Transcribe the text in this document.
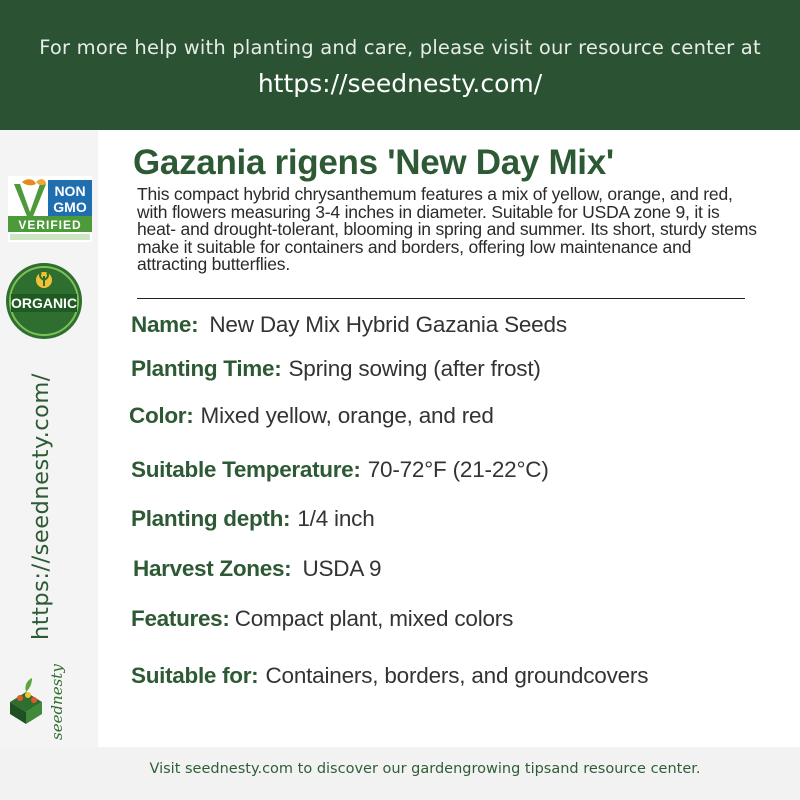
For more help with planting and care, please visit our resource center at
https://seednesty.com/
NON
GMO
VERIFIED
ORGANIC
https://seednesty.com/
seednesty
Gazania rigens 'New Day Mix'
This compact hybrid chrysanthemum features a mix of yellow, orange, and red, with flowers measuring 3-4 inches in diameter. Suitable for USDA zone 9, it is heat- and drought-tolerant, blooming in spring and summer. Its short, sturdy stems make it suitable for containers and borders, offering low maintenance and attracting butterflies.
Name: New Day Mix Hybrid Gazania Seeds
Planting Time: Spring sowing (after frost)
Color: Mixed yellow, orange, and red
Suitable Temperature: 70-72°F (21-22°C)
Planting depth: 1/4 inch
Harvest Zones: USDA 9
Features: Compact plant, mixed colors
Suitable for: Containers, borders, and groundcovers
Visit seednesty.com to discover our gardengrowing tipsand resource center.
